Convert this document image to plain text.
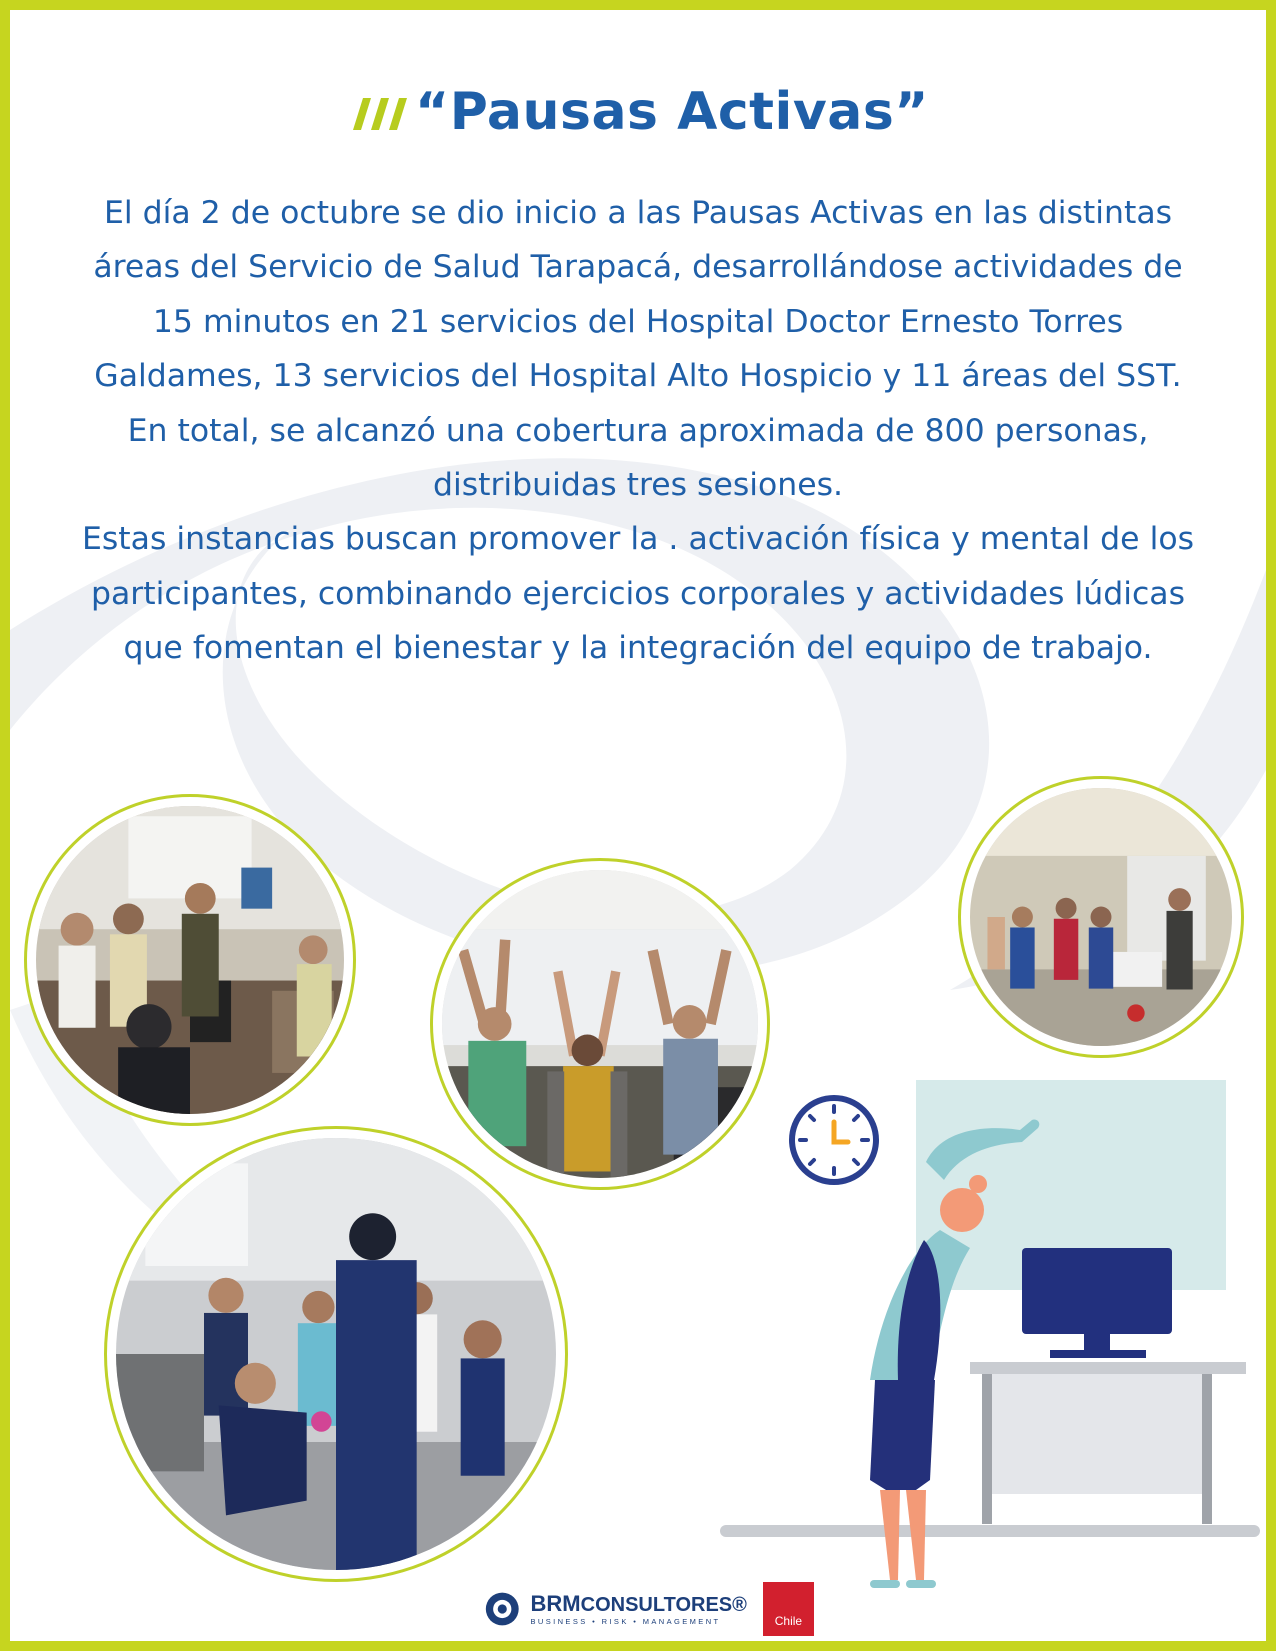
“Pausas Activas”

El día 2 de octubre se dio inicio a las Pausas Activas en las distintas áreas del Servicio de Salud Tarapacá, desarrollándose actividades de 15 minutos en 21 servicios del Hospital Doctor Ernesto Torres Galdames, 13 servicios del Hospital Alto Hospicio y 11 áreas del SST. En total, se alcanzó una cobertura aproximada de 800 personas, distribuidas tres sesiones.

Estas instancias buscan promover la . activación física y mental de los participantes, combinando ejercicios corporales y actividades lúdicas que fomentan el bienestar y la integración del equipo de trabajo.

BRMCONSULTORES®
BUSINESS • RISK • MANAGEMENT	Chile
